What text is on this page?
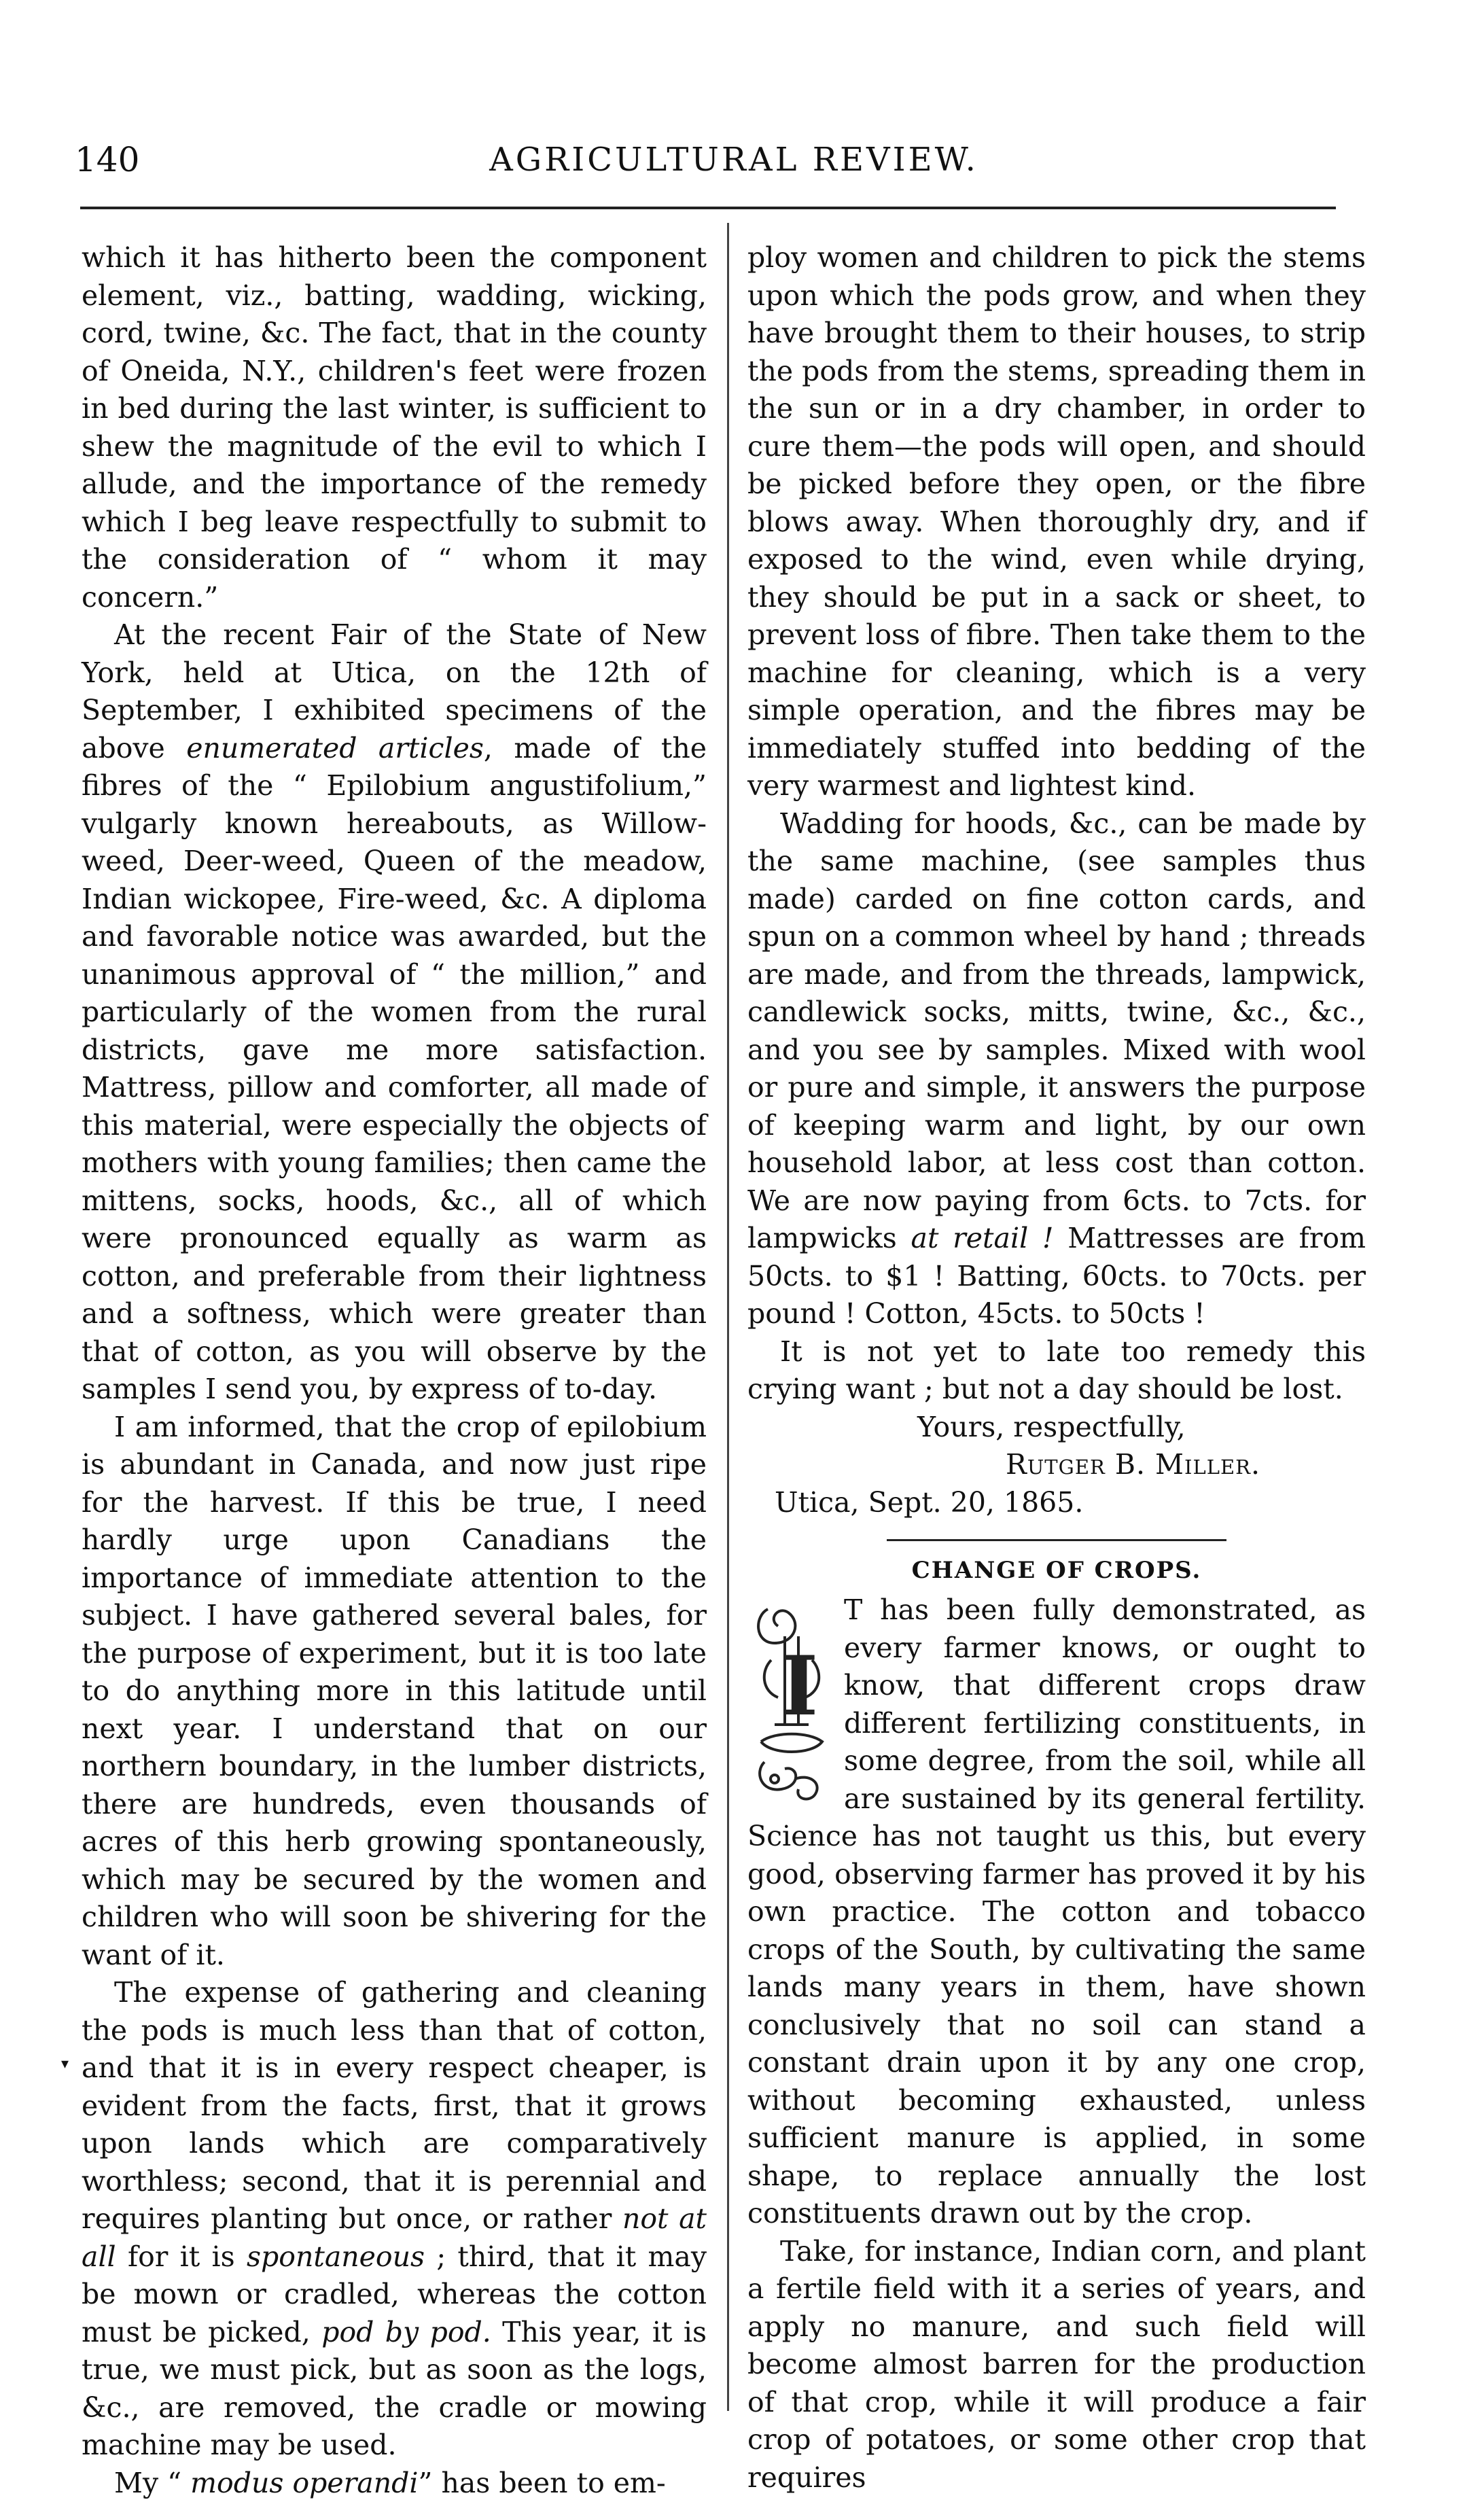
140	AGRICULTURAL REVIEW.

which it has hitherto been the component element, viz., batting, wadding, wicking, cord, twine, &c. The fact, that in the county of Oneida, N.Y., children's feet were frozen in bed during the last winter, is sufficient to shew the magnitude of the evil to which I allude, and the importance of the remedy which I beg leave respectfully to submit to the consideration of “ whom it may concern.”

At the recent Fair of the State of New York, held at Utica, on the 12th of September, I exhibited specimens of the above enumerated articles, made of the fibres of the “ Epilobium angustifolium,” vulgarly known hereabouts, as Willow-weed, Deer-weed, Queen of the meadow, Indian wickopee, Fire-weed, &c. A diploma and favorable notice was awarded, but the unanimous approval of “ the million,” and particularly of the women from the rural districts, gave me more satisfaction. Mattress, pillow and comforter, all made of this material, were especially the objects of mothers with young families; then came the mittens, socks, hoods, &c., all of which were pronounced equally as warm as cotton, and preferable from their lightness and a softness, which were greater than that of cotton, as you will observe by the samples I send you, by express of to-day.

I am informed, that the crop of epilobium is abundant in Canada, and now just ripe for the harvest. If this be true, I need hardly urge upon Canadians the importance of immediate attention to the subject. I have gathered several bales, for the purpose of experiment, but it is too late to do anything more in this latitude until next year. I understand that on our northern boundary, in the lumber districts, there are hundreds, even thousands of acres of this herb growing spontaneously, which may be secured by the women and children who will soon be shivering for the want of it.

The expense of gathering and cleaning the pods is much less than that of cotton, and that it is in every respect cheaper, is evident from the facts, first, that it grows upon lands which are comparatively worthless; second, that it is perennial and requires planting but once, or rather not at all for it is spontaneous ; third, that it may be mown or cradled, whereas the cotton must be picked, pod by pod. This year, it is true, we must pick, but as soon as the logs, &c., are removed, the cradle or mowing machine may be used.

My “ modus operandi” has been to em-

ploy women and children to pick the stems upon which the pods grow, and when they have brought them to their houses, to strip the pods from the stems, spreading them in the sun or in a dry chamber, in order to cure them—the pods will open, and should be picked before they open, or the fibre blows away. When thoroughly dry, and if exposed to the wind, even while drying, they should be put in a sack or sheet, to prevent loss of fibre. Then take them to the machine for cleaning, which is a very simple operation, and the fibres may be immediately stuffed into bedding of the very warmest and lightest kind.

Wadding for hoods, &c., can be made by the same machine, (see samples thus made) carded on fine cotton cards, and spun on a common wheel by hand ; threads are made, and from the threads, lampwick, candlewick socks, mitts, twine, &c., &c., and you see by samples. Mixed with wool or pure and simple, it answers the purpose of keeping warm and light, by our own household labor, at less cost than cotton. We are now paying from 6cts. to 7cts. for lampwicks at retail ! Mattresses are from 50cts. to $1 ! Batting, 60cts. to 70cts. per pound ! Cotton, 45cts. to 50cts !

It is not yet to late too remedy this crying want ; but not a day should be lost.

Yours, respectfully,

Rutger B. Miller.

Utica, Sept. 20, 1865.

CHANGE OF CROPS.
I

T has been fully demonstrated, as every farmer knows, or ought to know, that different crops draw different fertilizing constituents, in some degree, from the soil, while all are sustained by its general fertility. Science has not taught us this, but every good, observing farmer has proved it by his own practice. The cotton and tobacco crops of the South, by cultivating the same lands many years in them, have shown conclusively that no soil can stand a constant drain upon it by any one crop, without becoming exhausted, unless sufficient manure is applied, in some shape, to replace annually the lost constituents drawn out by the crop.

Take, for instance, Indian corn, and plant a fertile field with it a series of years, and apply no manure, and such field will become almost barren for the production of that crop, while it will produce a fair crop of potatoes, or some other crop that requires

▾
